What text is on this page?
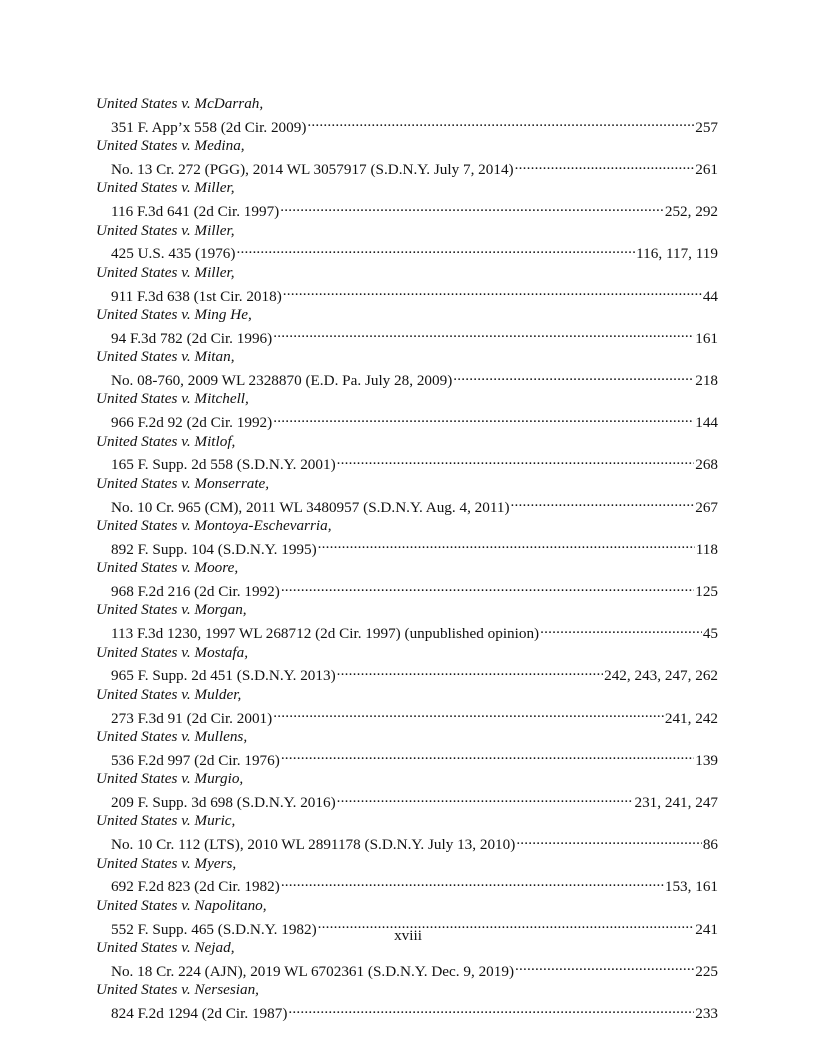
United States v. McDarrah,
351 F. App’x 558 (2d Cir. 2009) .....	257
United States v. Medina,
No. 13 Cr. 272 (PGG), 2014 WL 3057917 (S.D.N.Y. July 7, 2014) .....	261
United States v. Miller,
116 F.3d 641 (2d Cir. 1997) .....	252, 292
United States v. Miller,
425 U.S. 435 (1976) .....	116, 117, 119
United States v. Miller,
911 F.3d 638 (1st Cir. 2018) .....	44
United States v. Ming He,
94 F.3d 782 (2d Cir. 1996) .....	161
United States v. Mitan,
No. 08-760, 2009 WL 2328870 (E.D. Pa. July 28, 2009) .....	218
United States v. Mitchell,
966 F.2d 92 (2d Cir. 1992) .....	144
United States v. Mitlof,
165 F. Supp. 2d 558 (S.D.N.Y. 2001) .....	268
United States v. Monserrate,
No. 10 Cr. 965 (CM), 2011 WL 3480957 (S.D.N.Y. Aug. 4, 2011) .....	267
United States v. Montoya-Eschevarria,
892 F. Supp. 104 (S.D.N.Y. 1995) .....	118
United States v. Moore,
968 F.2d 216 (2d Cir. 1992) .....	125
United States v. Morgan,
113 F.3d 1230, 1997 WL 268712 (2d Cir. 1997) (unpublished opinion) .....	45
United States v. Mostafa,
965 F. Supp. 2d 451 (S.D.N.Y. 2013) .....	242, 243, 247, 262
United States v. Mulder,
273 F.3d 91 (2d Cir. 2001) .....	241, 242
United States v. Mullens,
536 F.2d 997 (2d Cir. 1976) .....	139
United States v. Murgio,
209 F. Supp. 3d 698 (S.D.N.Y. 2016) .....	231, 241, 247
United States v. Muric,
No. 10 Cr. 112 (LTS), 2010 WL 2891178 (S.D.N.Y. July 13, 2010) .....	86
United States v. Myers,
692 F.2d 823 (2d Cir. 1982) .....	153, 161
United States v. Napolitano,
552 F. Supp. 465 (S.D.N.Y. 1982) .....	241
United States v. Nejad,
No. 18 Cr. 224 (AJN), 2019 WL 6702361 (S.D.N.Y. Dec. 9, 2019) .....	225
United States v. Nersesian,
824 F.2d 1294 (2d Cir. 1987) .....	233
xviii
